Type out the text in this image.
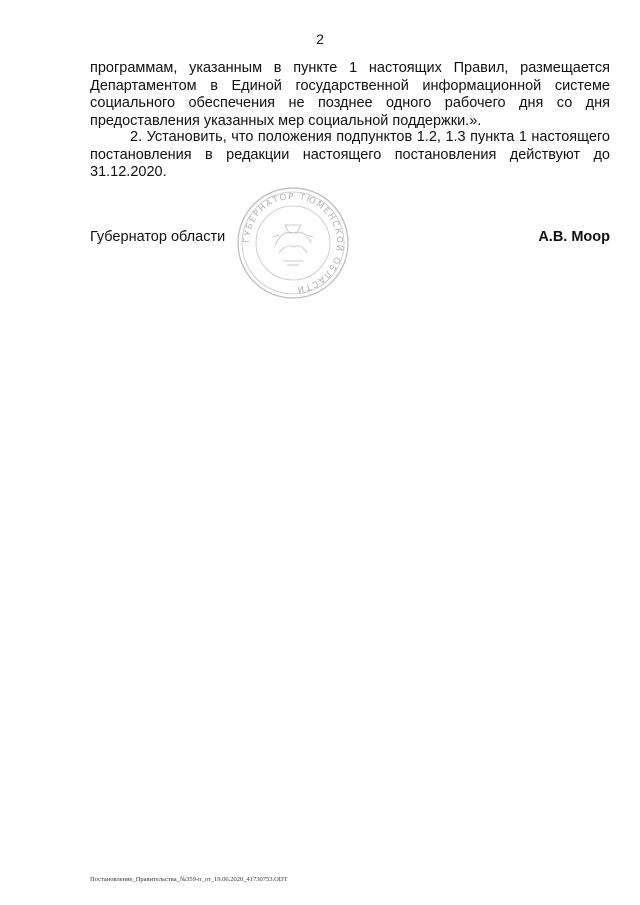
2
программам, указанным в пункте 1 настоящих Правил, размещается
Департаментом в Единой государственной информационной системе
социального обеспечения не позднее одного рабочего дня со дня
предоставления указанных мер социальной поддержки.».
2. Установить, что положения подпунктов 1.2, 1.3 пункта 1 настоящего
постановления в редакции настоящего постановления действуют до
31.12.2020.
ГУБЕРНАТОР ТЮМЕНСКОЙ ОБЛАСТИ
Губернатор области	А.В. Моор
Постановление_Правительства_№359-п_от_19.06.2020_41730753.ODT
